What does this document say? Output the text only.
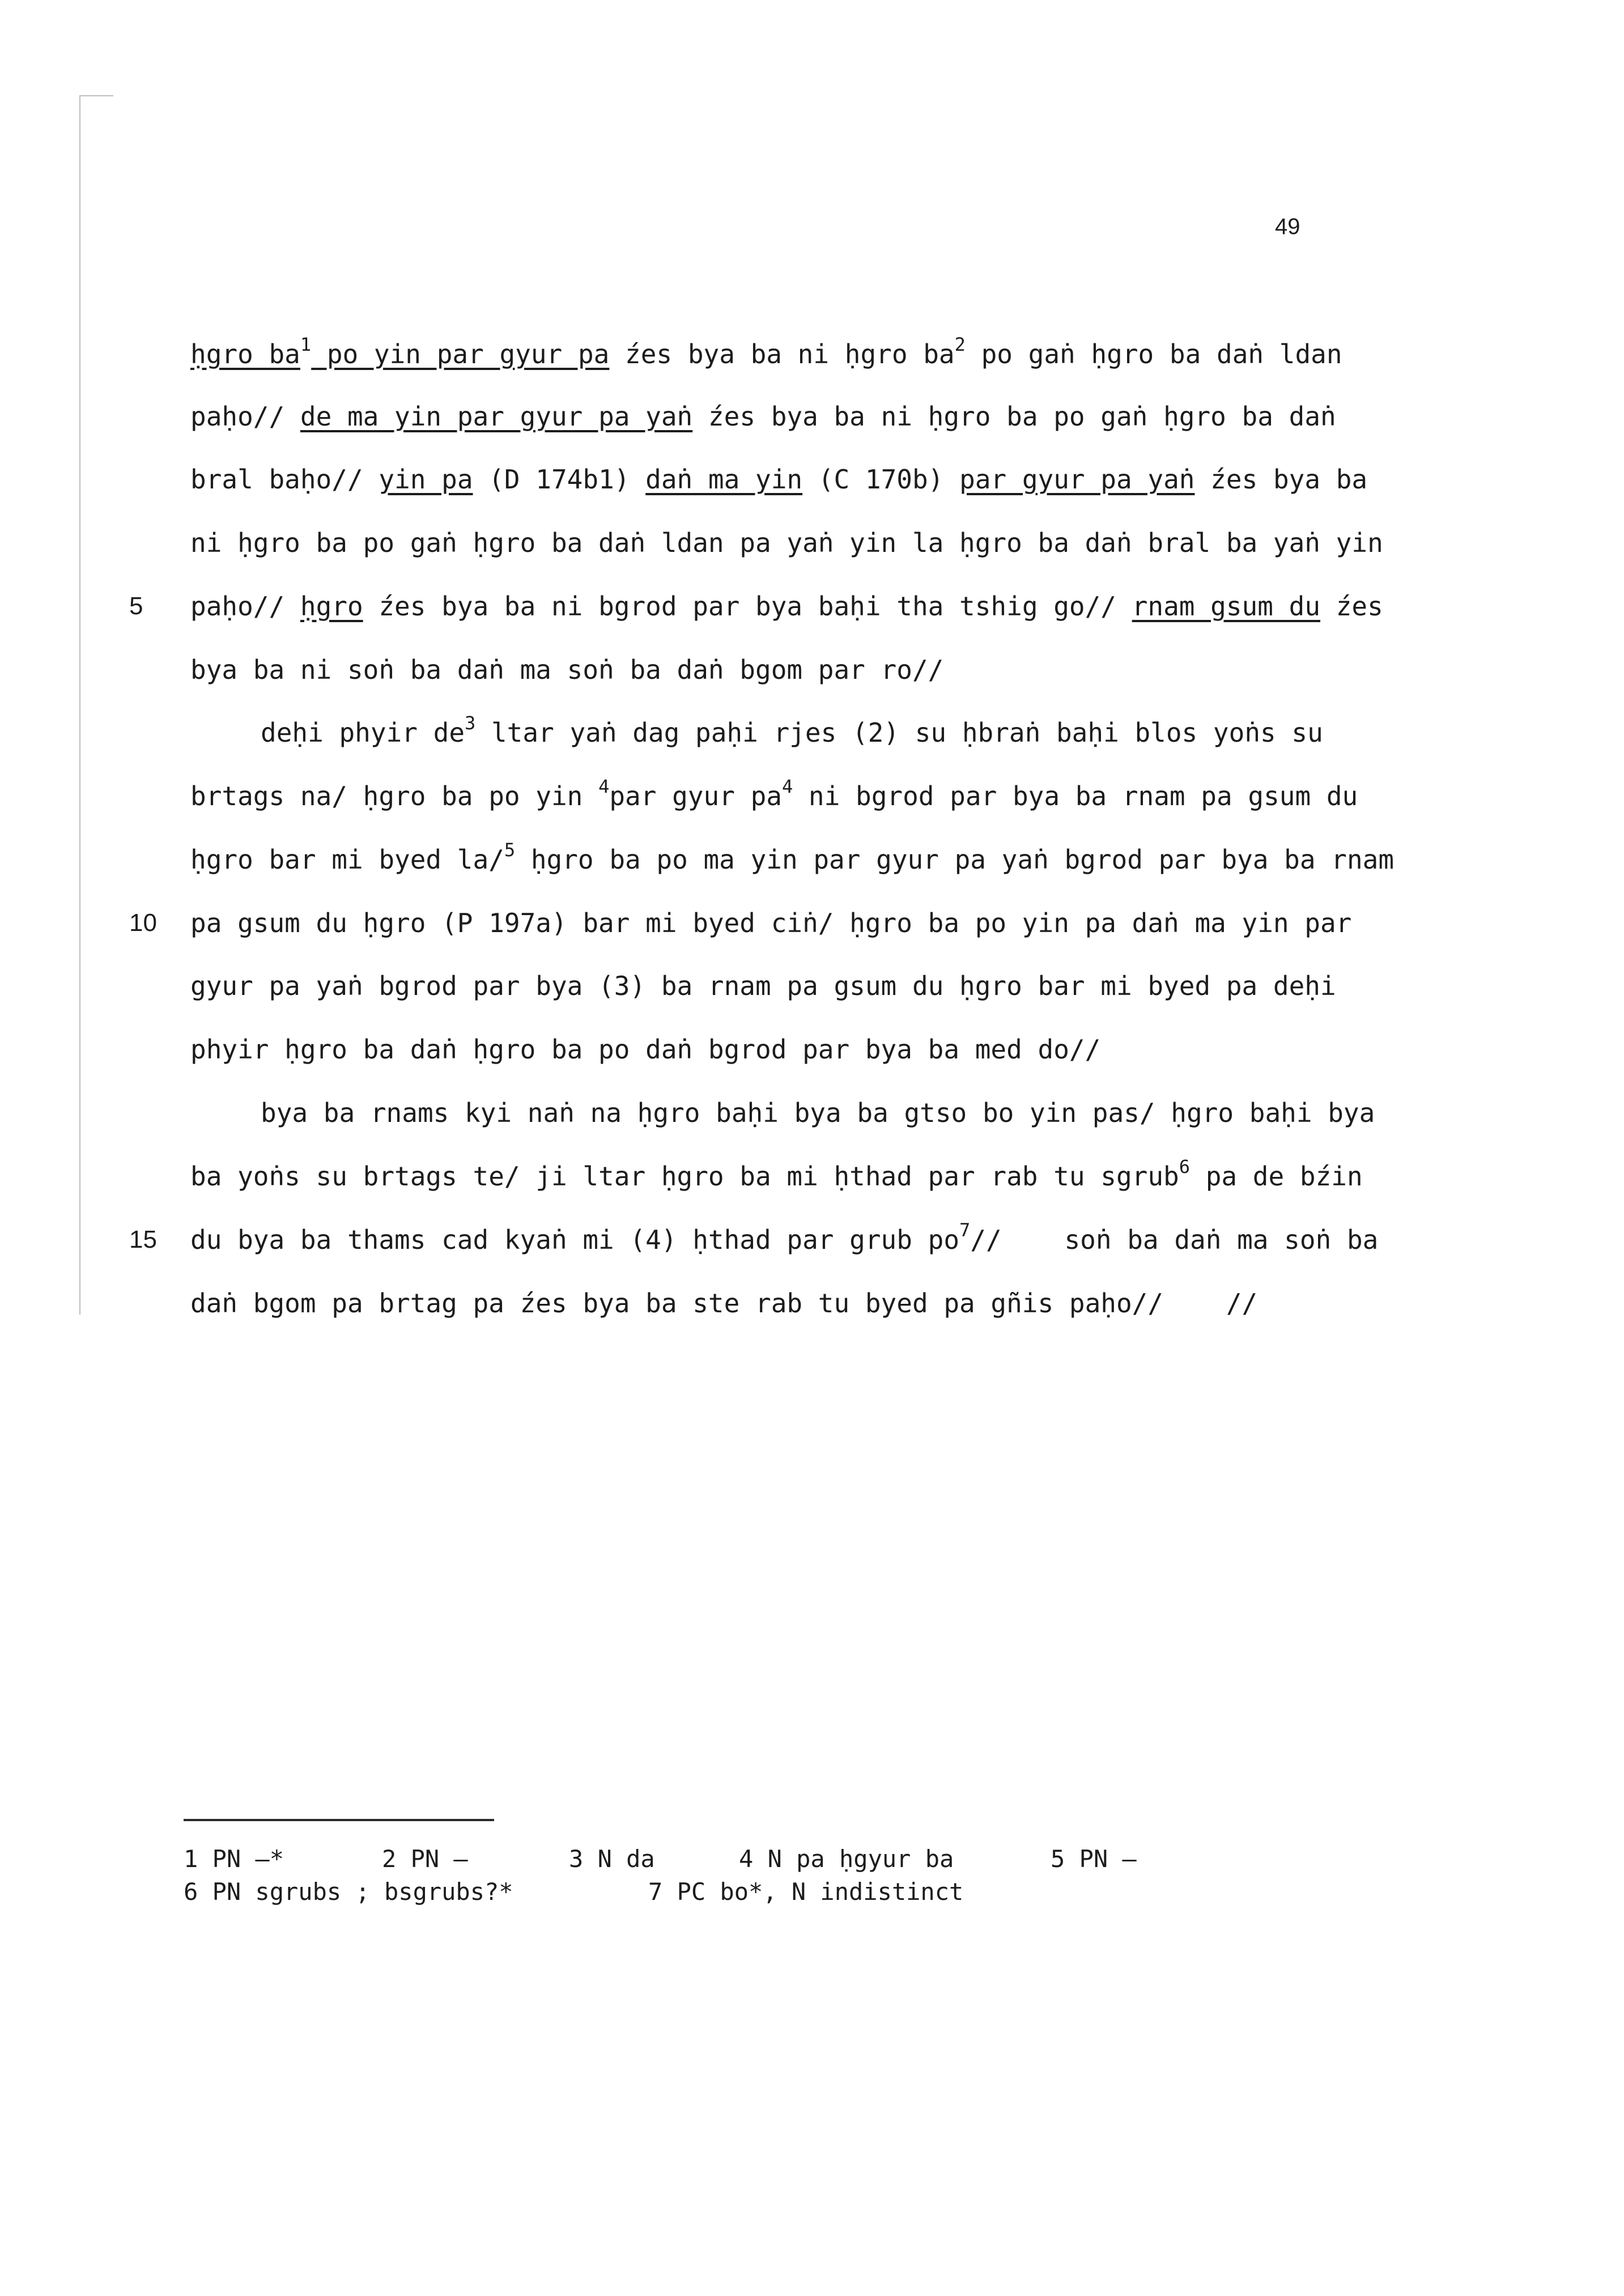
49
ḥgro $ba^1$ po yin par gyur pa źes bya ba ni ḥgro $ba^2$ po gaṅ ḥgro ba daṅ ldan
paḥo// de ma yin par gyur pa yaṅ źes bya ba ni ḥgro ba po gaṅ ḥgro ba daṅ
bral baḥo// yin pa (D 174b1) daṅ ma yin (C 170b) par gyur pa yaṅ źes bya ba
ni ḥgro ba po gaṅ ḥgro ba daṅ ldan pa yaṅ yin la ḥgro ba daṅ bral ba yaṅ yin
5 paḥo// ḥgro źes bya ba ni bgrod par bya baḥi tha tshig go// rnam gsum du źes
bya ba ni soṅ ba daṅ ma soṅ ba daṅ bgom par ro//
deḥi phyir $de^3$ ltar yaṅ dag paḥi rjes (2) su ḥbraṅ baḥi blos yoṅs su
brtags na/ ḥgro ba po yin $^4$par gyur $pa^4$ ni bgrod par bya ba rnam pa gsum du
ḥgro bar mi byed la/$^5$ ḥgro ba po ma yin par gyur pa yaṅ bgrod par bya ba rnam
10 pa gsum du ḥgro (P 197a) bar mi byed ciṅ/ ḥgro ba po yin pa daṅ ma yin par
gyur pa yaṅ bgrod par bya (3) ba rnam pa gsum du ḥgro bar mi byed pa deḥi
phyir ḥgro ba daṅ ḥgro ba po daṅ bgrod par bya ba med do//
bya ba rnams kyi naṅ na ḥgro baḥi bya ba gtso bo yin pas/ ḥgro baḥi bya
ba yoṅs su brtags te/ ji ltar ḥgro ba mi ḥthad par rab tu sgrub$^6$ pa de bźin
15 du bya ba thams cad kyaṅ mi (4) ḥthad par grub $po^7//$    soṅ ba daṅ ma soṅ ba
daṅ bgom pa brtag pa źes bya ba ste rab tu byed pa gñis paḥo//    //

1 PN —*

	2 PN —

	3 N da

	4 N pa ḥgyur ba

	5 PN —

6 PN sgrubs ; bsgrubs?*

	7 PC bo*, N indistinct
